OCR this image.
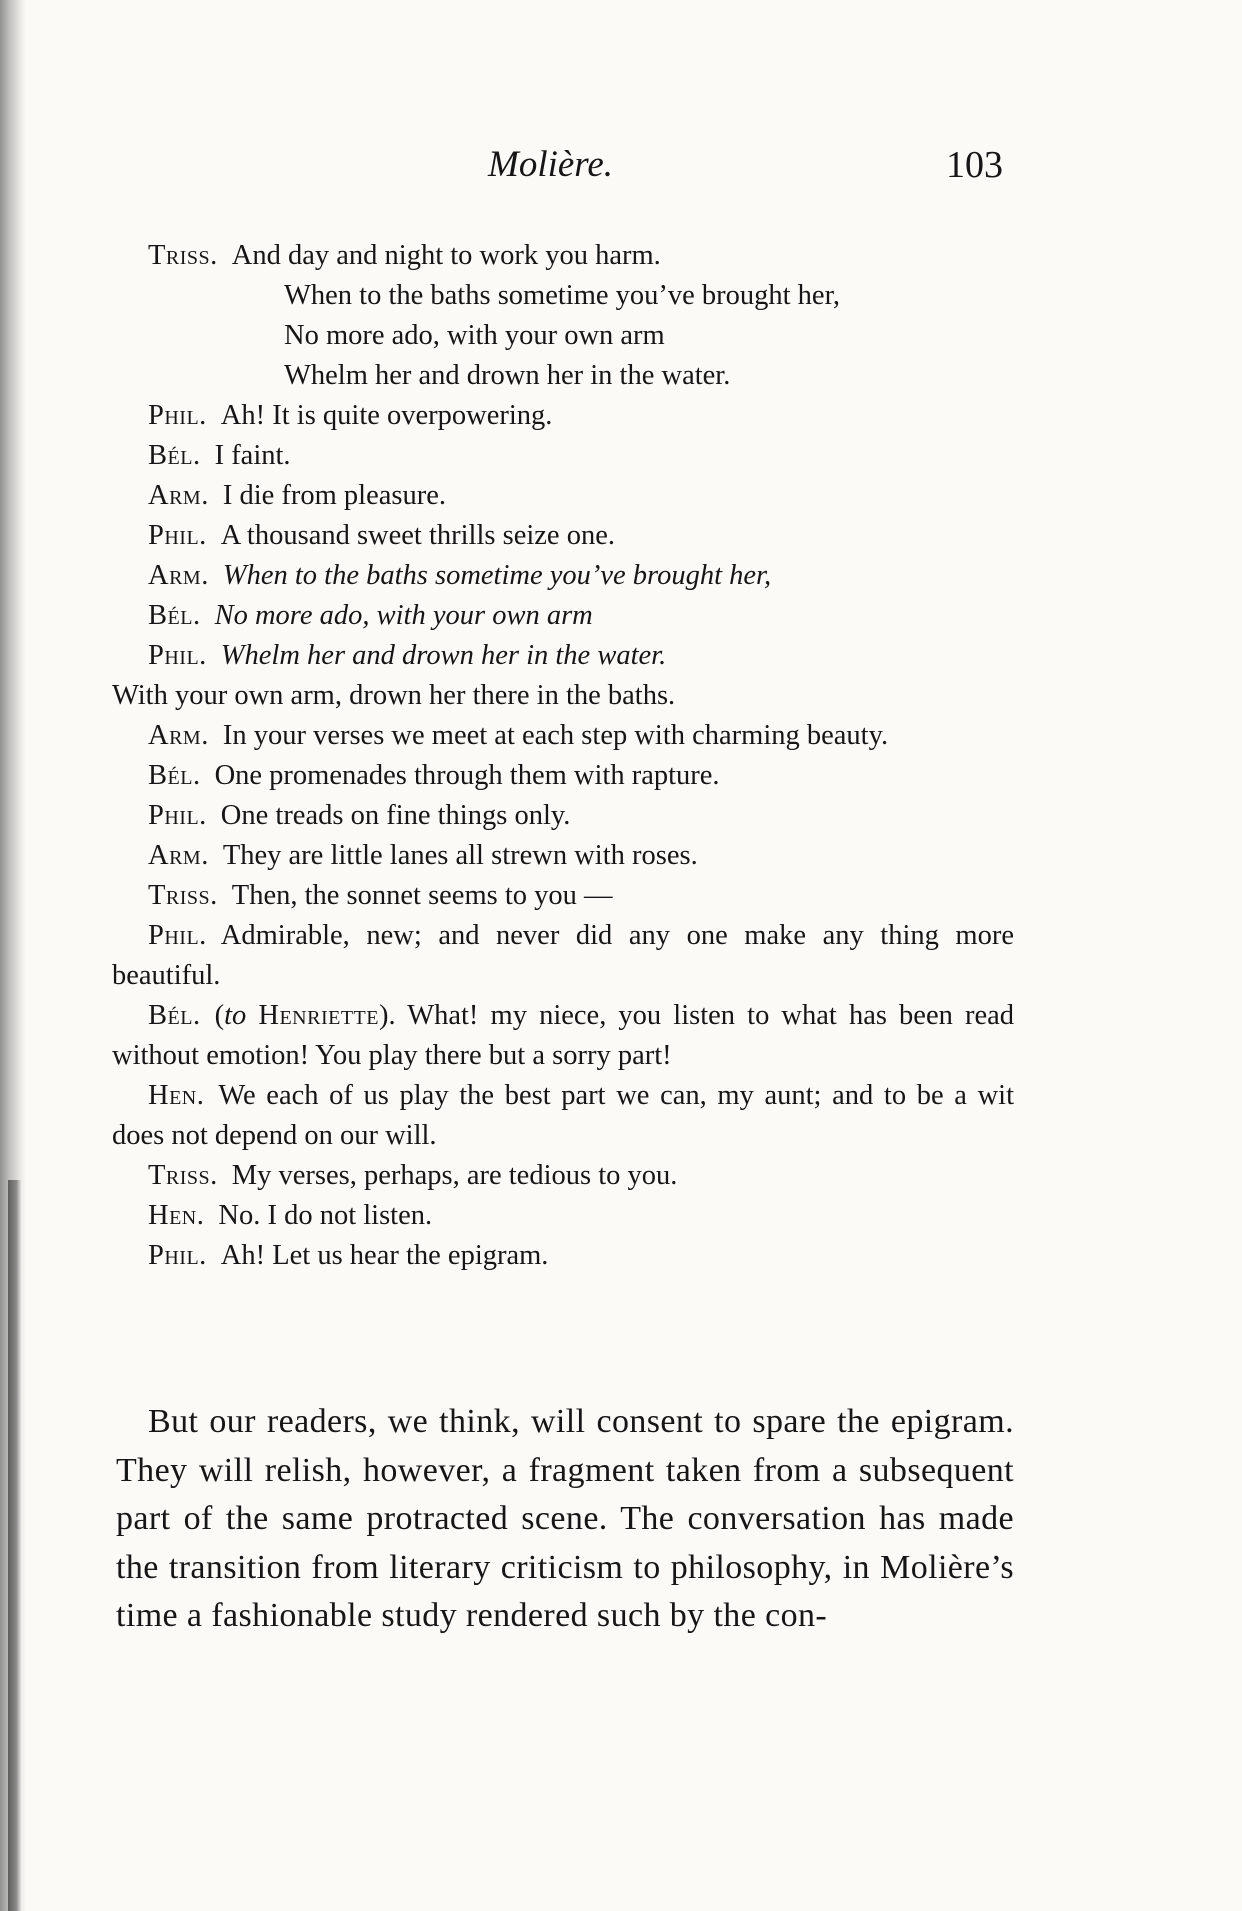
Molière.	103

Triss. And day and night to work you harm.

When to the baths sometime you’ve brought her,

No more ado, with your own arm

Whelm her and drown her in the water.

Phil. Ah! It is quite overpowering.

Bél. I faint.

Arm. I die from pleasure.

Phil. A thousand sweet thrills seize one.

Arm. When to the baths sometime you’ve brought her,

Bél. No more ado, with your own arm

Phil. Whelm her and drown her in the water.

With your own arm, drown her there in the baths.

Arm. In your verses we meet at each step with charming beauty.

Bél. One promenades through them with rapture.

Phil. One treads on fine things only.

Arm. They are little lanes all strewn with roses.

Triss. Then, the sonnet seems to you —

Phil. Admirable, new; and never did any one make any thing more beautiful.

Bél. (to Henriette). What! my niece, you listen to what has been read without emotion! You play there but a sorry part!

Hen. We each of us play the best part we can, my aunt; and to be a wit does not depend on our will.

Triss. My verses, perhaps, are tedious to you.

Hen. No. I do not listen.

Phil. Ah! Let us hear the epigram.

But our readers, we think, will consent to spare the epigram. They will relish, however, a fragment taken from a subsequent part of the same protracted scene. The conversation has made the transition from literary criticism to philosophy, in Molière’s time a fashionable study rendered such by the con-
